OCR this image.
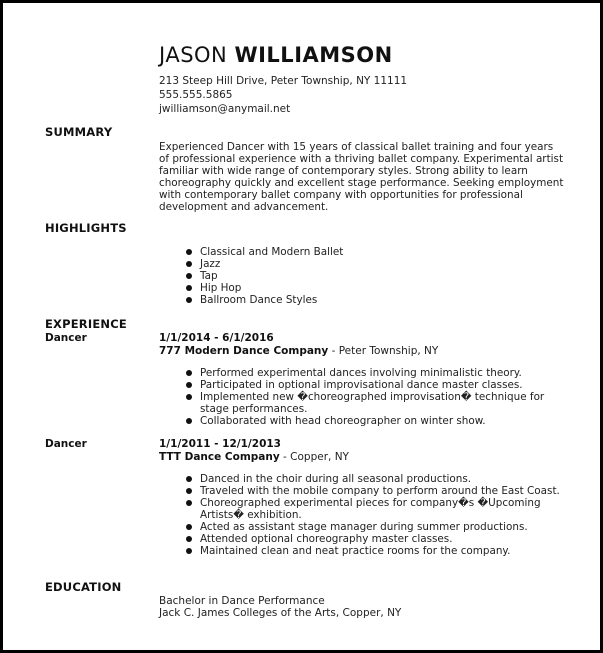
JASON WILLIAMSON
213 Steep Hill Drive, Peter Township, NY 11111
555.555.5865
jwilliamson@anymail.net
SUMMARY
Experienced Dancer with 15 years of classical ballet training and four years of professional experience with a thriving ballet company. Experimental artist familiar with wide range of contemporary styles. Strong ability to learn choreography quickly and excellent stage performance. Seeking employment with contemporary ballet company with opportunities for professional development and advancement.
HIGHLIGHTS
Classical and Modern Ballet
Jazz
Tap
Hip Hop
Ballroom Dance Styles
EXPERIENCE
Dancer	1/1/2014 - 6/1/2016
777 Modern Dance Company - Peter Township, NY
Performed experimental dances involving minimalistic theory.
Participated in optional improvisational dance master classes.
Implemented new �choreographed improvisation� technique for stage performances.
Collaborated with head choreographer on winter show.
Dancer	1/1/2011 - 12/1/2013
TTT Dance Company - Copper, NY
Danced in the choir during all seasonal productions.
Traveled with the mobile company to perform around the East Coast.
Choreographed experimental pieces for company�s �Upcoming Artists� exhibition.
Acted as assistant stage manager during summer productions.
Attended optional choreography master classes.
Maintained clean and neat practice rooms for the company.
EDUCATION
Bachelor in Dance Performance
Jack C. James Colleges of the Arts, Copper, NY
